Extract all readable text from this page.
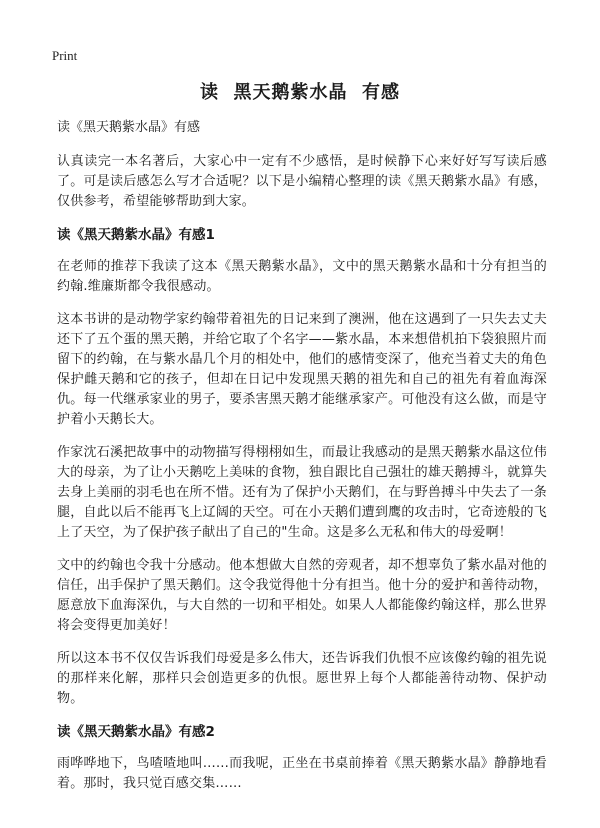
Print
读  黑天鹅紫水晶  有感

读《黑天鹅紫水晶》有感

认真读完一本名著后，大家心中一定有不少感悟，是时候静下心来好好写写读后感了。可是读后感怎么写才合适呢？以下是小编精心整理的读《黑天鹅紫水晶》有感，仅供参考，希望能够帮助到大家。

读《黑天鹅紫水晶》有感1

在老师的推荐下我读了这本《黑天鹅紫水晶》，文中的黑天鹅紫水晶和十分有担当的约翰.维廉斯都令我很感动。

这本书讲的是动物学家约翰带着祖先的日记来到了澳洲，他在这遇到了一只失去丈夫还下了五个蛋的黑天鹅，并给它取了个名字——紫水晶，本来想借机拍下袋狼照片而留下的约翰，在与紫水晶几个月的相处中，他们的感情变深了，他充当着丈夫的角色保护雌天鹅和它的孩子，但却在日记中发现黑天鹅的祖先和自己的祖先有着血海深仇。每一代继承家业的男子，要杀害黑天鹅才能继承家产。可他没有这么做，而是守护着小天鹅长大。

作家沈石溪把故事中的动物描写得栩栩如生，而最让我感动的是黑天鹅紫水晶这位伟大的母亲，为了让小天鹅吃上美味的食物，独自跟比自己强壮的雄天鹅搏斗，就算失去身上美丽的羽毛也在所不惜。还有为了保护小天鹅们，在与野兽搏斗中失去了一条腿，自此以后不能再飞上辽阔的天空。可在小天鹅们遭到鹰的攻击时，它奇迹般的飞上了天空，为了保护孩子献出了自己的"生命。这是多么无私和伟大的母爱啊！

文中的约翰也令我十分感动。他本想做大自然的旁观者，却不想辜负了紫水晶对他的信任，出手保护了黑天鹅们。这令我觉得他十分有担当。他十分的爱护和善待动物，愿意放下血海深仇，与大自然的一切和平相处。如果人人都能像约翰这样，那么世界将会变得更加美好！

所以这本书不仅仅告诉我们母爱是多么伟大，还告诉我们仇恨不应该像约翰的祖先说的那样来化解，那样只会创造更多的仇恨。愿世界上每个人都能善待动物、保护动物。

读《黑天鹅紫水晶》有感2

雨哗哗地下，鸟喳喳地叫……而我呢，正坐在书桌前捧着《黑天鹅紫水晶》静静地看着。那时，我只觉百感交集……
